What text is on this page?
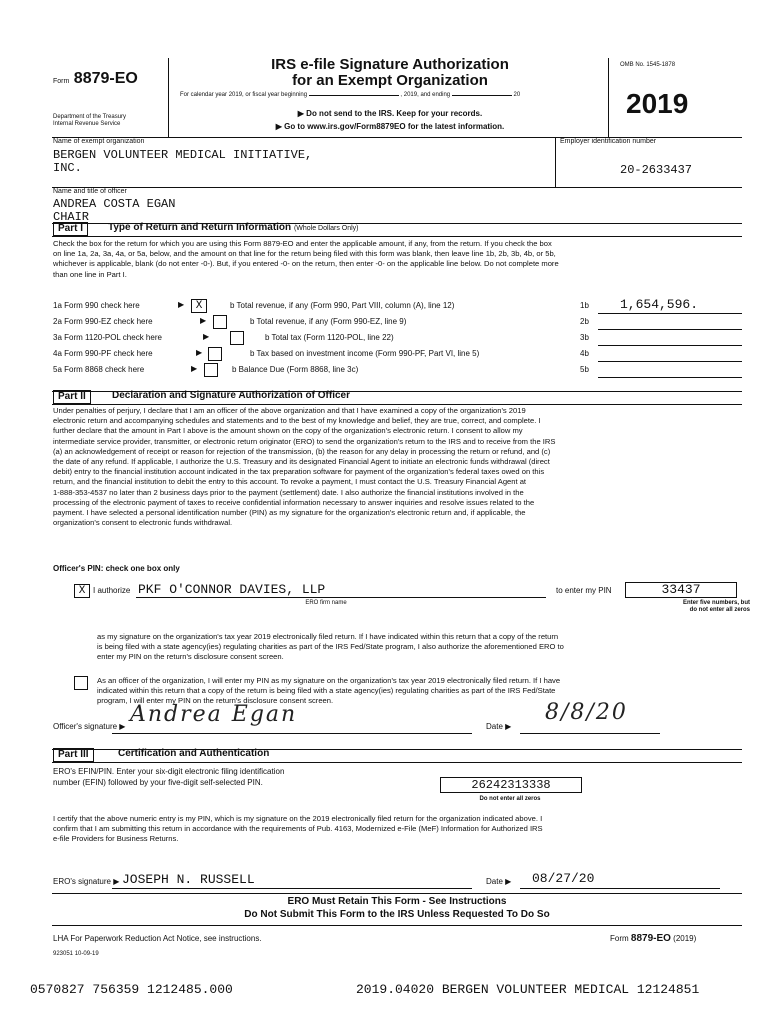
Form 8879-EO
Department of the Treasury
Internal Revenue Service
IRS e-file Signature Authorization
for an Exempt Organization
For calendar year 2019, or fiscal year beginning	, 2019, and ending	20
▶ Do not send to the IRS. Keep for your records.
▶ Go to www.irs.gov/Form8879EO for the latest information.
OMB No. 1545-1878
2019
Name of exempt organization
BERGEN VOLUNTEER MEDICAL INITIATIVE,
INC.
Employer identification number
20-2633437
Name and title of officer
ANDREA COSTA EGAN
CHAIR
Part I	Type of Return and Return Information (Whole Dollars Only)
Check the box for the return for which you are using this Form 8879-EO and enter the applicable amount, if any, from the return. If you check the box
on line 1a, 2a, 3a, 4a, or 5a, below, and the amount on that line for the return being filed with this form was blank, then leave line 1b, 2b, 3b, 4b, or 5b,
whichever is applicable, blank (do not enter -0-). But, if you entered -0- on the return, then enter -0- on the applicable line below. Do not complete more
than one line in Part I.
1a Form 990 check here	▶	X	b Total revenue, if any (Form 990, Part VIII, column (A), line 12)	1b 1,654,596.
2a Form 990-EZ check here	▶	b Total revenue, if any (Form 990-EZ, line 9)	2b
3a Form 1120-POL check here	▶	b Total tax (Form 1120-POL, line 22)	3b
4a Form 990-PF check here	▶	b Tax based on investment income (Form 990-PF, Part VI, line 5)	4b
5a Form 8868 check here	▶	b Balance Due (Form 8868, line 3c)	5b
Part II	Declaration and Signature Authorization of Officer
Under penalties of perjury, I declare that I am an officer of the above organization and that I have examined a copy of the organization's 2019
electronic return and accompanying schedules and statements and to the best of my knowledge and belief, they are true, correct, and complete. I
further declare that the amount in Part I above is the amount shown on the copy of the organization's electronic return. I consent to allow my
intermediate service provider, transmitter, or electronic return originator (ERO) to send the organization's return to the IRS and to receive from the IRS
(a) an acknowledgement of receipt or reason for rejection of the transmission, (b) the reason for any delay in processing the return or refund, and (c)
the date of any refund. If applicable, I authorize the U.S. Treasury and its designated Financial Agent to initiate an electronic funds withdrawal (direct
debit) entry to the financial institution account indicated in the tax preparation software for payment of the organization's federal taxes owed on this
return, and the financial institution to debit the entry to this account. To revoke a payment, I must contact the U.S. Treasury Financial Agent at
1-888-353-4537 no later than 2 business days prior to the payment (settlement) date. I also authorize the financial institutions involved in the
processing of the electronic payment of taxes to receive confidential information necessary to answer inquiries and resolve issues related to the
payment. I have selected a personal identification number (PIN) as my signature for the organization's electronic return and, if applicable, the
organization's consent to electronic funds withdrawal.
Officer's PIN: check one box only
X I authorize PKF O'CONNOR DAVIES, LLP
ERO firm name
to enter my PIN	33437
Enter five numbers, but
do not enter all zeros
as my signature on the organization's tax year 2019 electronically filed return. If I have indicated within this return that a copy of the return
is being filed with a state agency(ies) regulating charities as part of the IRS Fed/State program, I also authorize the aforementioned ERO to
enter my PIN on the return's disclosure consent screen.
As an officer of the organization, I will enter my PIN as my signature on the organization's tax year 2019 electronically filed return. If I have
indicated within this return that a copy of the return is being filed with a state agency(ies) regulating charities as part of the IRS Fed/State
program, I will enter my PIN on the return's disclosure consent screen.
Officer's signature ▶ Andrea Egan	Date ▶
8/8/20
Part III	Certification and Authentication
ERO's EFIN/PIN. Enter your six-digit electronic filing identification
number (EFIN) followed by your five-digit self-selected PIN.	26242313338
Do not enter all zeros
I certify that the above numeric entry is my PIN, which is my signature on the 2019 electronically filed return for the organization indicated above. I
confirm that I am submitting this return in accordance with the requirements of Pub. 4163, Modernized e-File (MeF) Information for Authorized IRS
e-file Providers for Business Returns.
ERO's signature ▶ JOSEPH N. RUSSELL	Date ▶ 08/27/20
ERO Must Retain This Form - See Instructions
Do Not Submit This Form to the IRS Unless Requested To Do So
LHA For Paperwork Reduction Act Notice, see instructions.	Form 8879-EO (2019)
923051 10-09-19
0570827 756359 1212485.000	2019.04020 BERGEN VOLUNTEER MEDICAL 12124851
